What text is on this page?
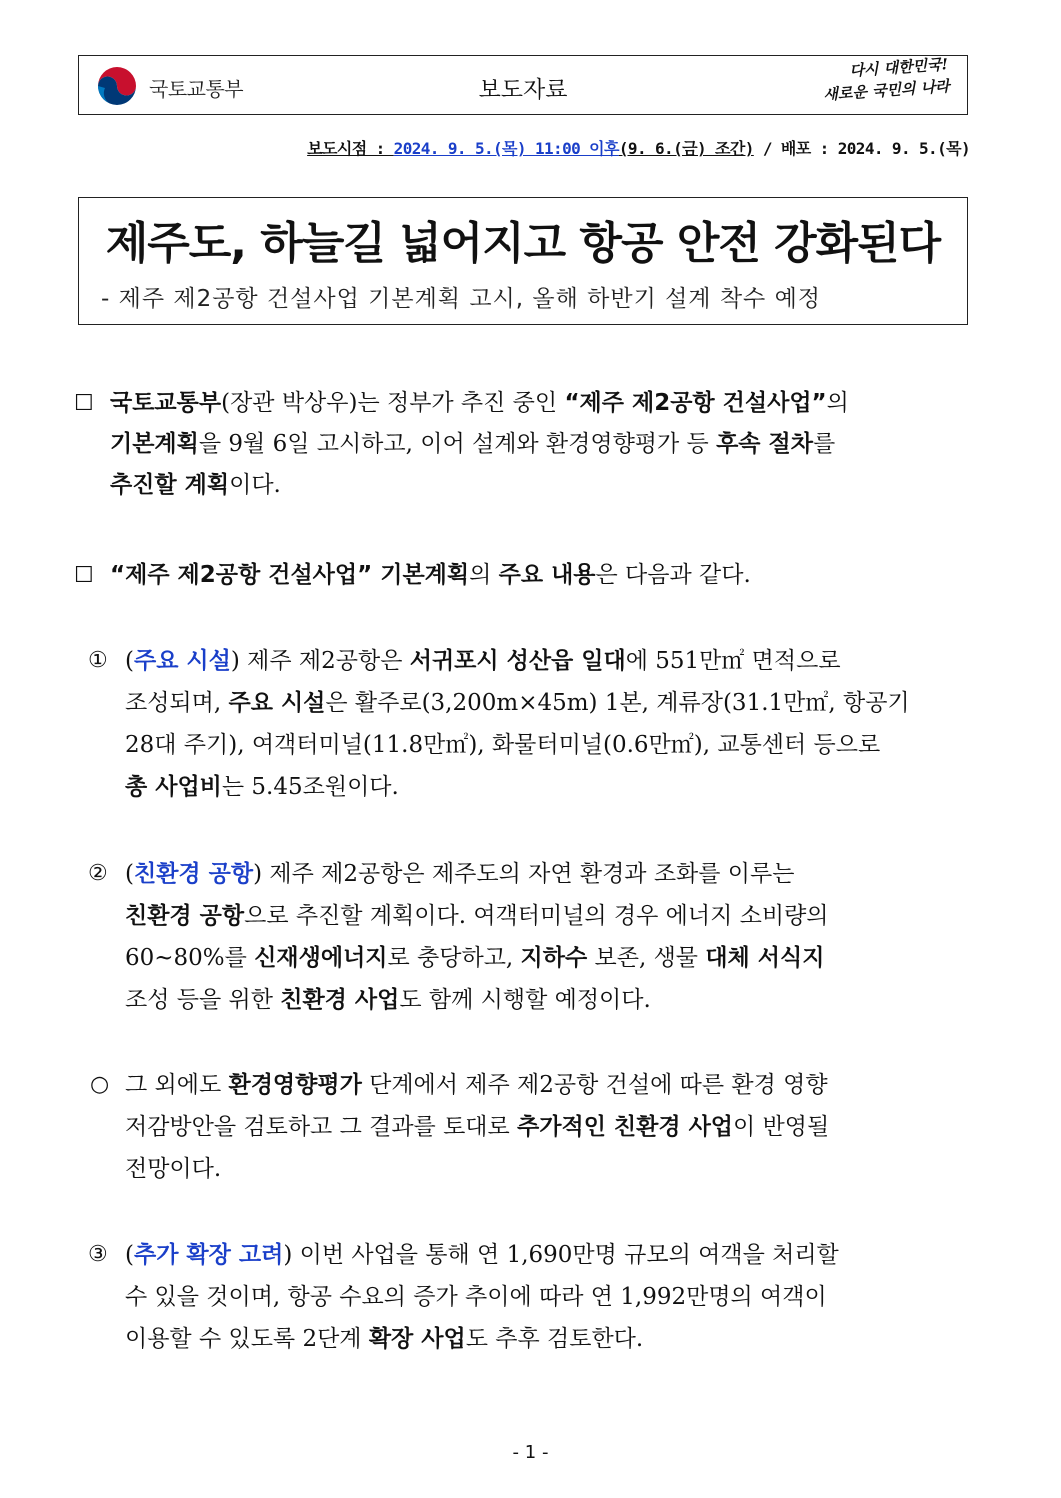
국토교통부	보도자료
다시 대한민국!
새로운 국민의 나라
보도시점 : 2024. 9. 5.(목) 11:00 이후(9. 6.(금) 조간) / 배포 : 2024. 9. 5.(목)
제주도, 하늘길 넓어지고 항공 안전 강화된다
- 제주 제2공항 건설사업 기본계획 고시, 올해 하반기 설계 착수 예정
☐ 국토교통부(장관 박상우)는 정부가 추진 중인 “제주 제2공항 건설사업”의
기본계획을 9월 6일 고시하고, 이어 설계와 환경영향평가 등 후속 절차를
추진할 계획이다.
☐ “제주 제2공항 건설사업” 기본계획의 주요 내용은 다음과 같다.
① (주요 시설) 제주 제2공항은 서귀포시 성산읍 일대에 551만㎡ 면적으로
조성되며, 주요 시설은 활주로(3,200m×45m) 1본, 계류장(31.1만㎡, 항공기
28대 주기), 여객터미널(11.8만㎡), 화물터미널(0.6만㎡), 교통센터 등으로
총 사업비는 5.45조원이다.
② (친환경 공항) 제주 제2공항은 제주도의 자연 환경과 조화를 이루는
친환경 공항으로 추진할 계획이다. 여객터미널의 경우 에너지 소비량의
60~80%를 신재생에너지로 충당하고, 지하수 보존, 생물 대체 서식지
조성 등을 위한 친환경 사업도 함께 시행할 예정이다.
○ 그 외에도 환경영향평가 단계에서 제주 제2공항 건설에 따른 환경 영향
저감방안을 검토하고 그 결과를 토대로 추가적인 친환경 사업이 반영될
전망이다.
③ (추가 확장 고려) 이번 사업을 통해 연 1,690만명 규모의 여객을 처리할
수 있을 것이며, 항공 수요의 증가 추이에 따라 연 1,992만명의 여객이
이용할 수 있도록 2단계 확장 사업도 추후 검토한다.
- 1 -
